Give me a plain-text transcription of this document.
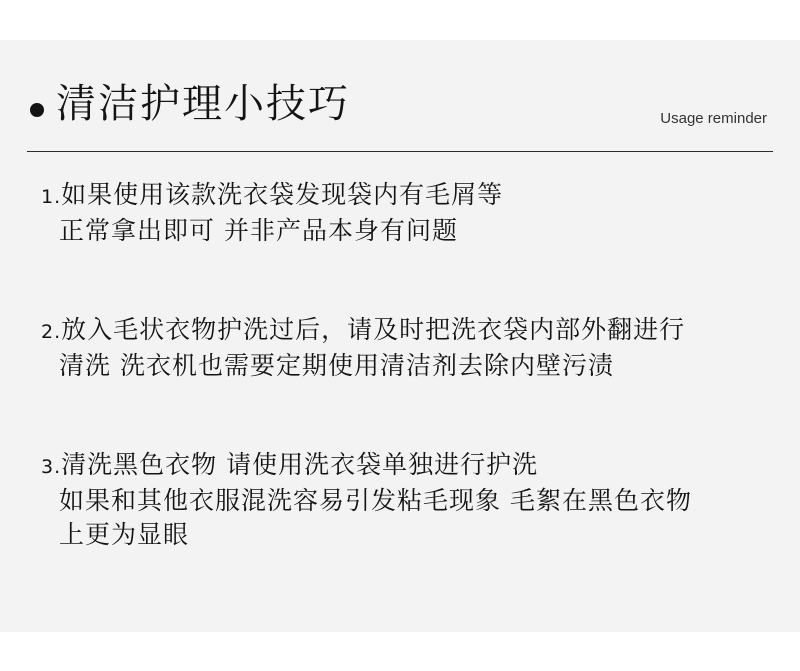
清洁护理小技巧	Usage reminder
1.如果使用该款洗衣袋发现袋内有毛屑等
正常拿出即可 并非产品本身有问题
2.放入毛状衣物护洗过后，请及时把洗衣袋内部外翻进行
清洗 洗衣机也需要定期使用清洁剂去除内壁污渍
3.清洗黑色衣物 请使用洗衣袋单独进行护洗
如果和其他衣服混洗容易引发粘毛现象 毛絮在黑色衣物
上更为显眼
